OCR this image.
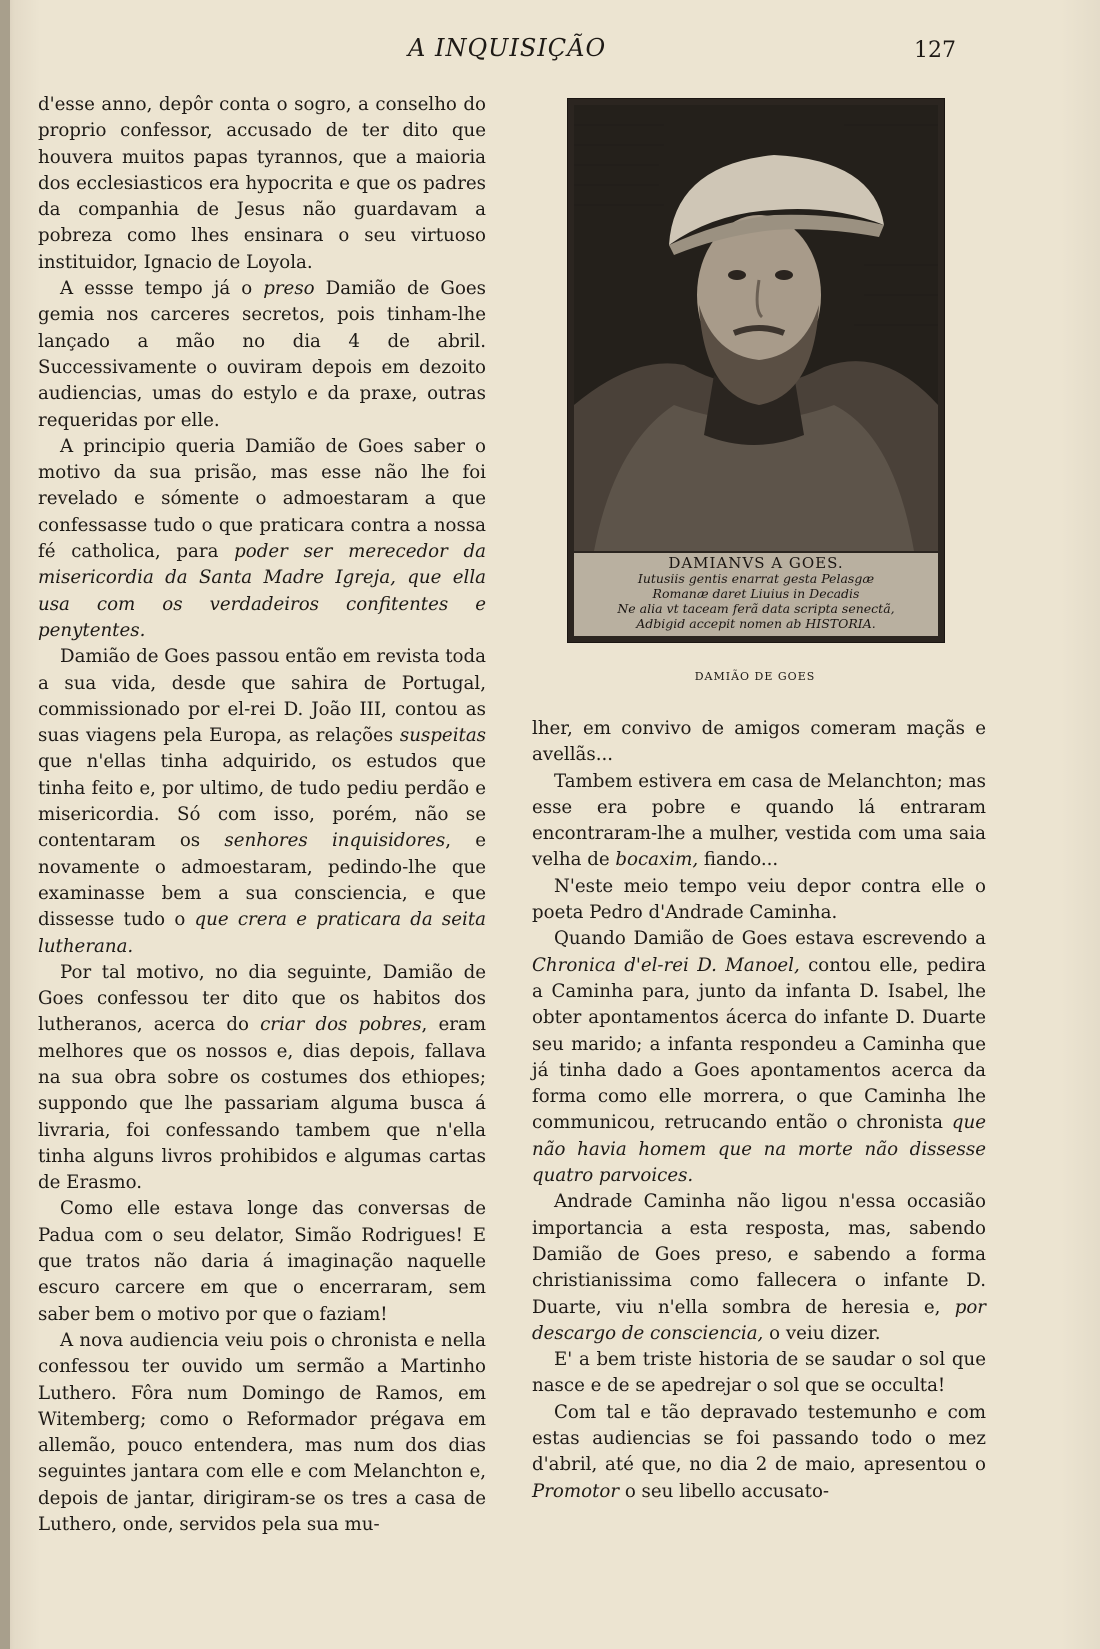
A INQUISIÇÃO	127

d'esse anno, depôr conta o sogro, a conselho do proprio confessor, accusado de ter dito que houvera muitos papas tyrannos, que a maioria dos ecclesiasticos era hypocrita e que os padres da companhia de Jesus não guardavam a pobreza como lhes ensinara o seu virtuoso instituidor, Ignacio de Loyola.

A essse tempo já o preso Damião de Goes gemia nos carceres secretos, pois tinham-lhe lançado a mão no dia 4 de abril. Successivamente o ouviram depois em dezoito audiencias, umas do estylo e da praxe, outras requeridas por elle.

A principio queria Damião de Goes saber o motivo da sua prisão, mas esse não lhe foi revelado e sómente o admoestaram a que confessasse tudo o que praticara contra a nossa fé catholica, para poder ser merecedor da misericordia da Santa Madre Igreja, que ella usa com os verdadeiros confitentes e penytentes.

Damião de Goes passou então em revista toda a sua vida, desde que sahira de Portugal, commissionado por el-rei D. João III, contou as suas viagens pela Europa, as relações suspeitas que n'ellas tinha adquirido, os estudos que tinha feito e, por ultimo, de tudo pediu perdão e misericordia. Só com isso, porém, não se contentaram os senhores inquisidores, e novamente o admoestaram, pedindo-lhe que examinasse bem a sua consciencia, e que dissesse tudo o que crera e praticara da seita lutherana.

Por tal motivo, no dia seguinte, Damião de Goes confessou ter dito que os habitos dos lutheranos, acerca do criar dos pobres, eram melhores que os nossos e, dias depois, fallava na sua obra sobre os costumes dos ethiopes; suppondo que lhe passariam alguma busca á livraria, foi confessando tambem que n'ella tinha alguns livros prohibidos e algumas cartas de Erasmo.

Como elle estava longe das conversas de Padua com o seu delator, Simão Rodrigues! E que tratos não daria á imaginação naquelle escuro carcere em que o encerraram, sem saber bem o motivo por que o faziam!

A nova audiencia veiu pois o chronista e nella confessou ter ouvido um sermão a Martinho Luthero. Fôra num Domingo de Ramos, em Witemberg; como o Reformador prégava em allemão, pouco entendera, mas num dos dias seguintes jantara com elle e com Melanchton e, depois de jantar, dirigiram-se os tres a casa de Luthero, onde, servidos pela sua mu-

DAMIANVS A GOES.
Iutusiis gentis enarrat gesta Pelasgæ
Romanæ daret Liuius in Decadis
Ne alia vt taceam ferã data scripta senectã,
Adbigid accepit nomen ab HISTORIA.
DAMIÃO DE GOES

lher, em convivo de amigos comeram maçãs e avellãs...

Tambem estivera em casa de Melanchton; mas esse era pobre e quando lá entraram encontraram-lhe a mulher, vestida com uma saia velha de bocaxim, fiando...

N'este meio tempo veiu depor contra elle o poeta Pedro d'Andrade Caminha.

Quando Damião de Goes estava escrevendo a Chronica d'el-rei D. Manoel, contou elle, pedira a Caminha para, junto da infanta D. Isabel, lhe obter apontamentos ácerca do infante D. Duarte seu marido; a infanta respondeu a Caminha que já tinha dado a Goes apontamentos acerca da forma como elle morrera, o que Caminha lhe communicou, retrucando então o chronista que não havia homem que na morte não dissesse quatro parvoices.

Andrade Caminha não ligou n'essa occasião importancia a esta resposta, mas, sabendo Damião de Goes preso, e sabendo a forma christianissima como fallecera o infante D. Duarte, viu n'ella sombra de heresia e, por descargo de consciencia, o veiu dizer.

E' a bem triste historia de se saudar o sol que nasce e de se apedrejar o sol que se occulta!

Com tal e tão depravado testemunho e com estas audiencias se foi passando todo o mez d'abril, até que, no dia 2 de maio, apresentou o Promotor o seu libello accusato-
